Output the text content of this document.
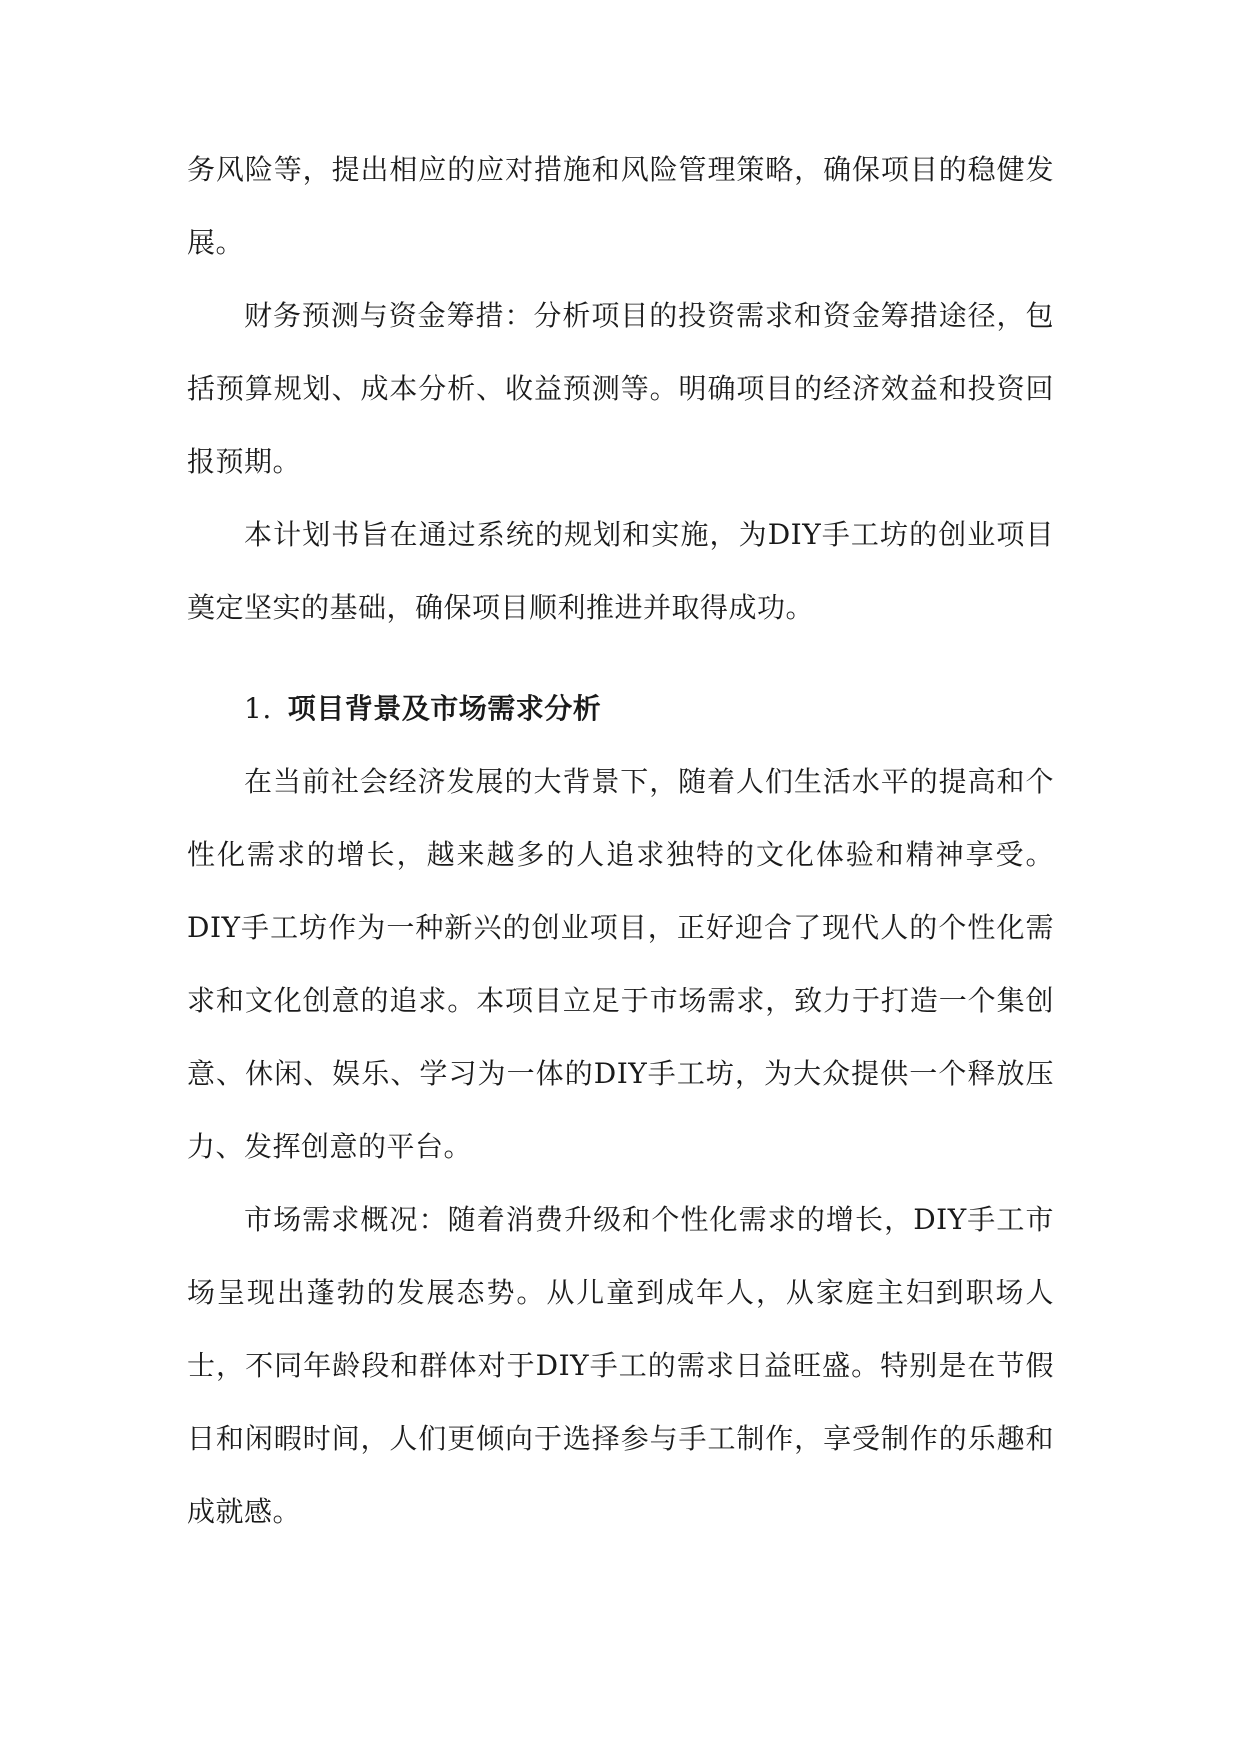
务风险等，提出相应的应对措施和风险管理策略，确保项目的稳健发展。

财务预测与资金筹措：分析项目的投资需求和资金筹措途径，包括预算规划、成本分析、收益预测等。明确项目的经济效益和投资回报预期。

本计划书旨在通过系统的规划和实施，为DIY手工坊的创业项目奠定坚实的基础，确保项目顺利推进并取得成功。

1. 项目背景及市场需求分析

在当前社会经济发展的大背景下，随着人们生活水平的提高和个性化需求的增长，越来越多的人追求独特的文化体验和精神享受。DIY手工坊作为一种新兴的创业项目，正好迎合了现代人的个性化需求和文化创意的追求。本项目立足于市场需求，致力于打造一个集创意、休闲、娱乐、学习为一体的DIY手工坊，为大众提供一个释放压力、发挥创意的平台。

市场需求概况：随着消费升级和个性化需求的增长，DIY手工市场呈现出蓬勃的发展态势。从儿童到成年人，从家庭主妇到职场人士，不同年龄段和群体对于DIY手工的需求日益旺盛。特别是在节假日和闲暇时间，人们更倾向于选择参与手工制作，享受制作的乐趣和成就感。
